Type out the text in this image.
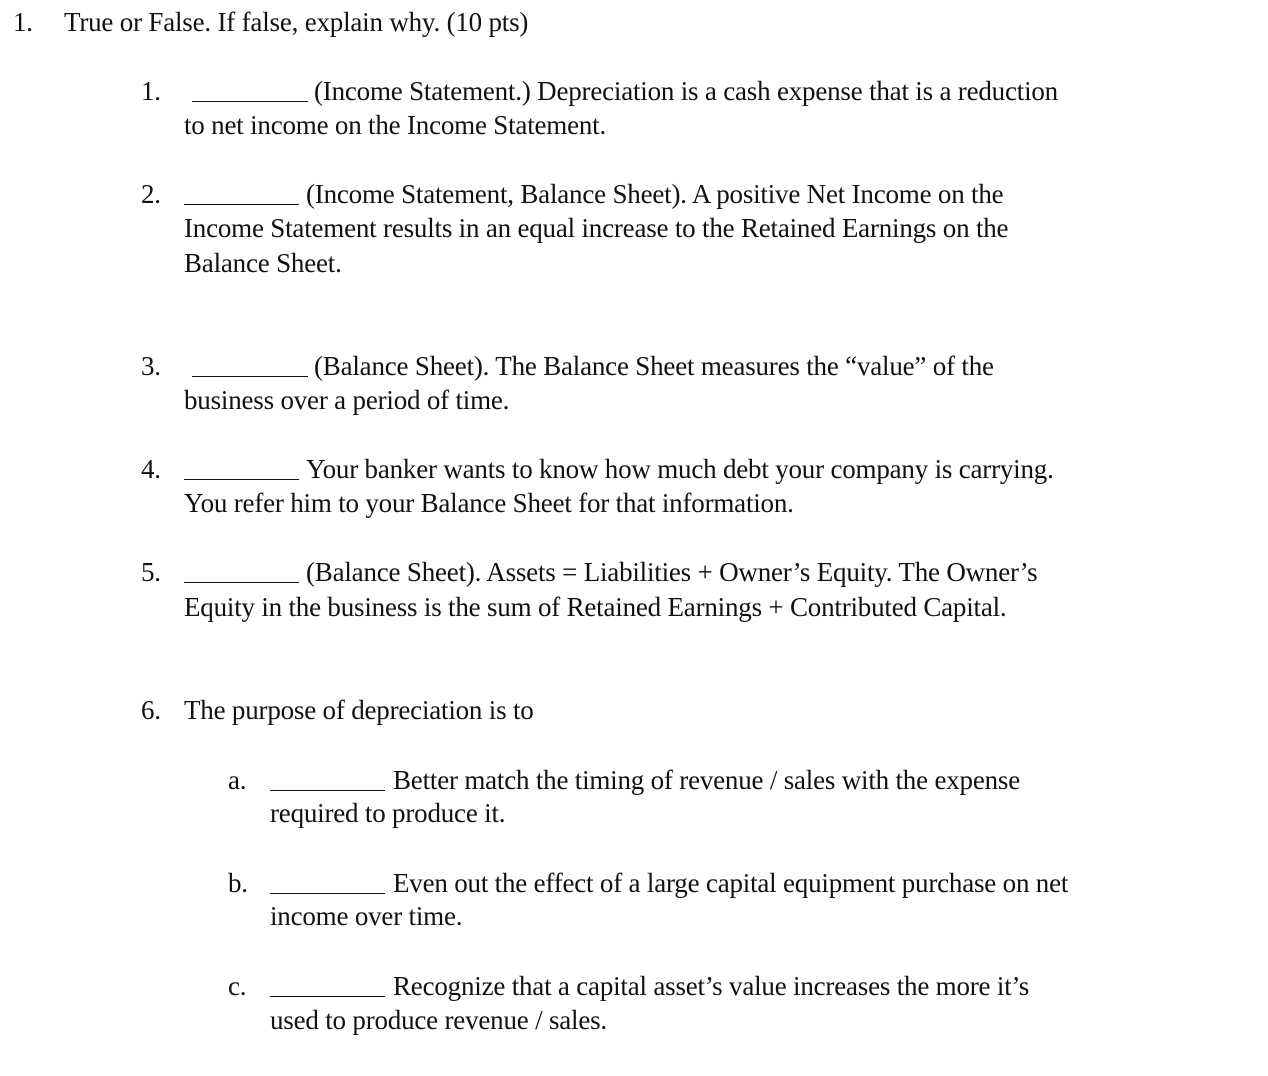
1. True or False. If false, explain why. (10 pts)
1.	(Income Statement.) Depreciation is a cash expense that is a reduction
to net income on the Income Statement.
2.	(Income Statement, Balance Sheet). A positive Net Income on the
Income Statement results in an equal increase to the Retained Earnings on the
Balance Sheet.
3.	(Balance Sheet). The Balance Sheet measures the “value” of the
business over a period of time.
4.	Your banker wants to know how much debt your company is carrying.
You refer him to your Balance Sheet for that information.
5.	(Balance Sheet). Assets = Liabilities + Owner’s Equity. The Owner’s
Equity in the business is the sum of Retained Earnings + Contributed Capital.
6. The purpose of depreciation is to
a.	Better match the timing of revenue / sales with the expense
required to produce it.
b.	Even out the effect of a large capital equipment purchase on net
income over time.
c.	Recognize that a capital asset’s value increases the more it’s
used to produce revenue / sales.
